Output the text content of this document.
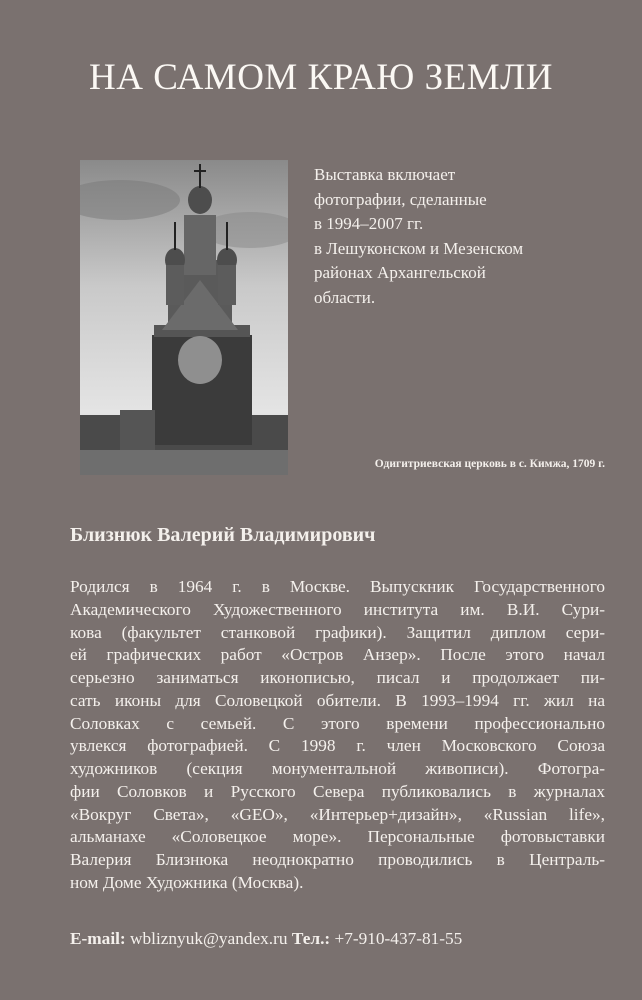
НА САМОМ КРАЮ ЗЕМЛИ
Выставка включает
фотографии, сделанные
в 1994–2007 гг.
в Лешуконском и Мезенском
районах Архангельской
области.
Одигитриевская церковь в с. Кимжа, 1709 г.
Близнюк Валерий Владимирович
Родился в 1964 г. в Москве. Выпускник Государственного
Академического Художественного института им. В.И. Сури-
кова (факультет станковой графики). Защитил диплом сери-
ей графических работ «Остров Анзер». После этого начал
серьезно заниматься иконописью, писал и продолжает пи-
сать иконы для Соловецкой обители. В 1993–1994 гг. жил на
Соловках с семьей. С этого времени профессионально
увлекся фотографией. С 1998 г. член Московского Союза
художников (секция монументальной живописи). Фотогра-
фии Соловков и Русского Севера публиковались в журналах
«Вокруг Света», «GEO», «Интерьер+дизайн», «Russian life»,
альманахе «Соловецкое море». Персональные фотовыставки
Валерия Близнюка неоднократно проводились в Централь-
ном Доме Художника (Москва).
E-mail: wbliznyuk@yandex.ru Тел.: +7-910-437-81-55
